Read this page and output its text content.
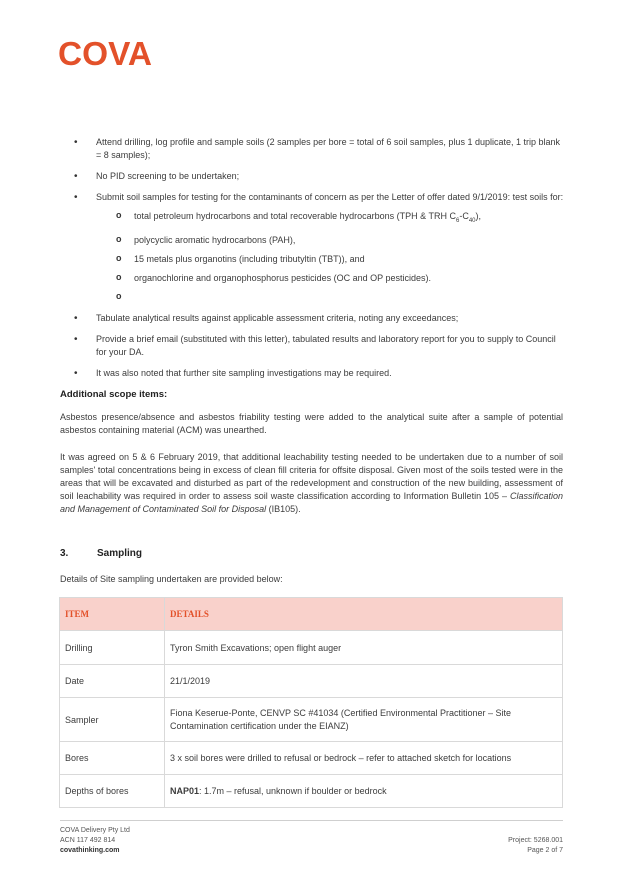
COVA
• Attend drilling, log profile and sample soils (2 samples per bore = total of 6 soil samples, plus 1 duplicate, 1 trip blank = 8 samples);
• No PID screening to be undertaken;
• Submit soil samples for testing for the contaminants of concern as per the Letter of offer dated 9/1/2019: test soils for:
o total petroleum hydrocarbons and total recoverable hydrocarbons (TPH & TRH $C_6-C_{40}$),
o polycyclic aromatic hydrocarbons (PAH),
o 15 metals plus organotins (including tributyltin (TBT)), and
o organochlorine and organophosphorus pesticides (OC and OP pesticides).
o
• Tabulate analytical results against applicable assessment criteria, noting any exceedances;
• Provide a brief email (substituted with this letter), tabulated results and laboratory report for you to supply to Council for your DA.
• It was also noted that further site sampling investigations may be required.
Additional scope items:

Asbestos presence/absence and asbestos friability testing were added to the analytical suite after a sample of potential asbestos containing material (ACM) was unearthed.

It was agreed on 5 & 6 February 2019, that additional leachability testing needed to be undertaken due to a number of soil samples' total concentrations being in excess of clean fill criteria for offsite disposal. Given most of the soils tested were in the areas that will be excavated and disturbed as part of the redevelopment and construction of the new building, assessment of soil leachability was required in order to assess soil waste classification according to Information Bulletin 105 – Classification and Management of Contaminated Soil for Disposal (IB105).

3.	Sampling

Details of Site sampling undertaken are provided below:

ITEM	DETAILS
Drilling	Tyron Smith Excavations; open flight auger
Date	21/1/2019
Sampler	Fiona Keserue-Ponte, CENVP SC #41034 (Certified Environmental Practitioner – Site Contamination certification under the EIANZ)
Bores	3 x soil bores were drilled to refusal or bedrock – refer to attached sketch for locations
Depths of bores	NAP01: 1.7m – refusal, unknown if boulder or bedrock
COVA Delivery Pty Ltd
ACN 117 492 814
covathinking.com
Project: 5268.001
Page 2 of 7
